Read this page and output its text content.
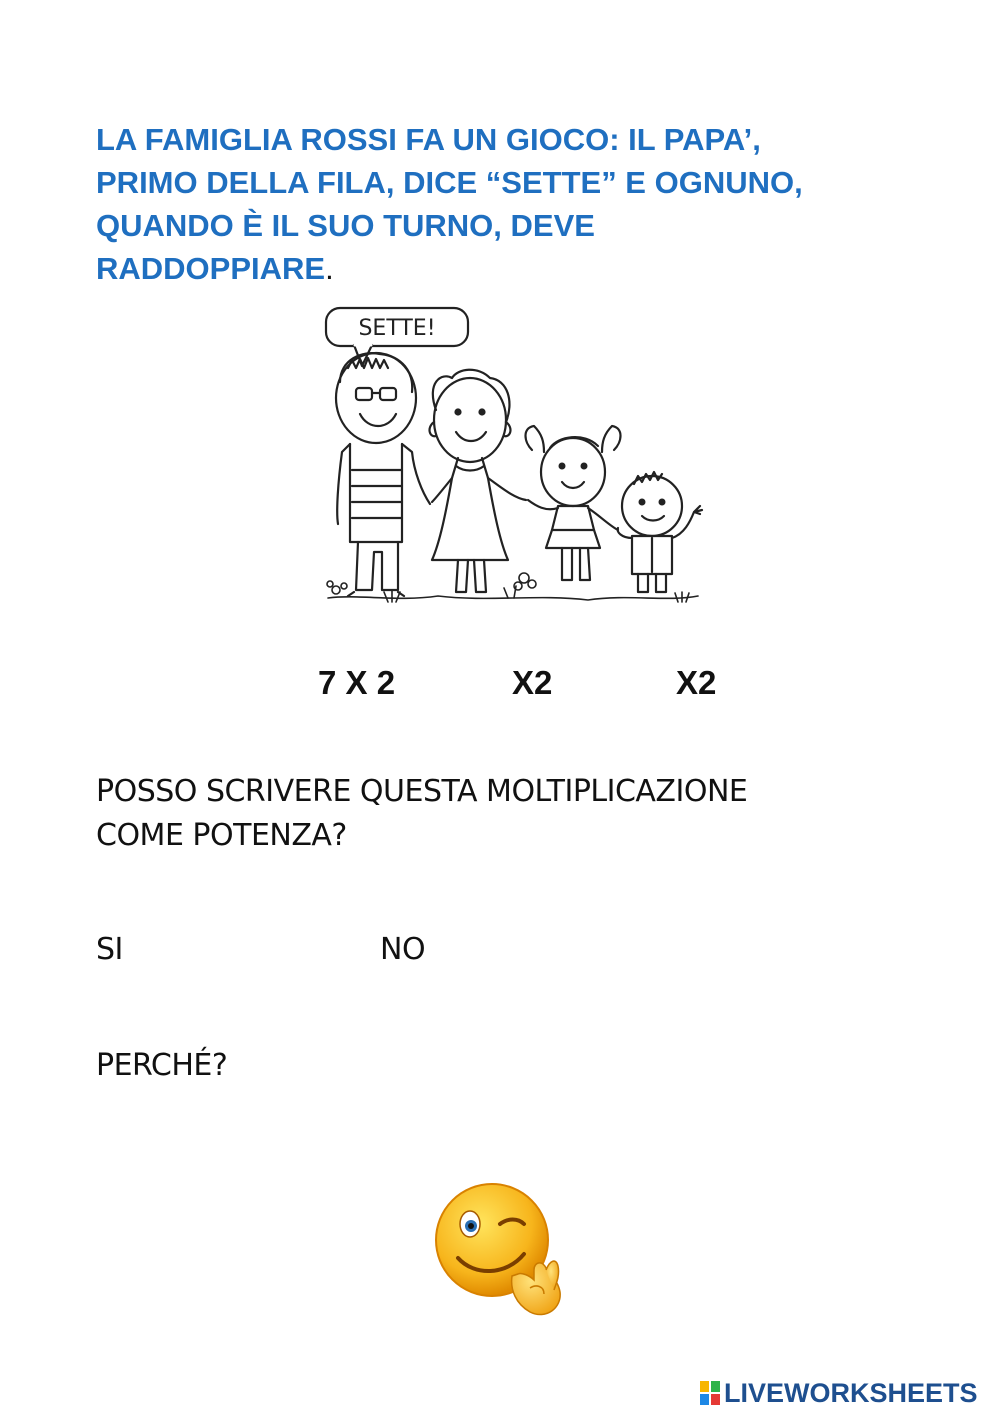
LA FAMIGLIA ROSSI FA UN GIOCO: IL PAPA’,
PRIMO DELLA FILA, DICE “SETTE” E OGNUNO,
QUANDO È IL SUO TURNO, DEVE
RADDOPPIARE.
SETTE!
7 X 2	X2	X2

POSSO SCRIVERE QUESTA MOLTIPLICAZIONE

COME POTENZA?

SI	NO

PERCHÉ?

LIVEWORKSHEETS
